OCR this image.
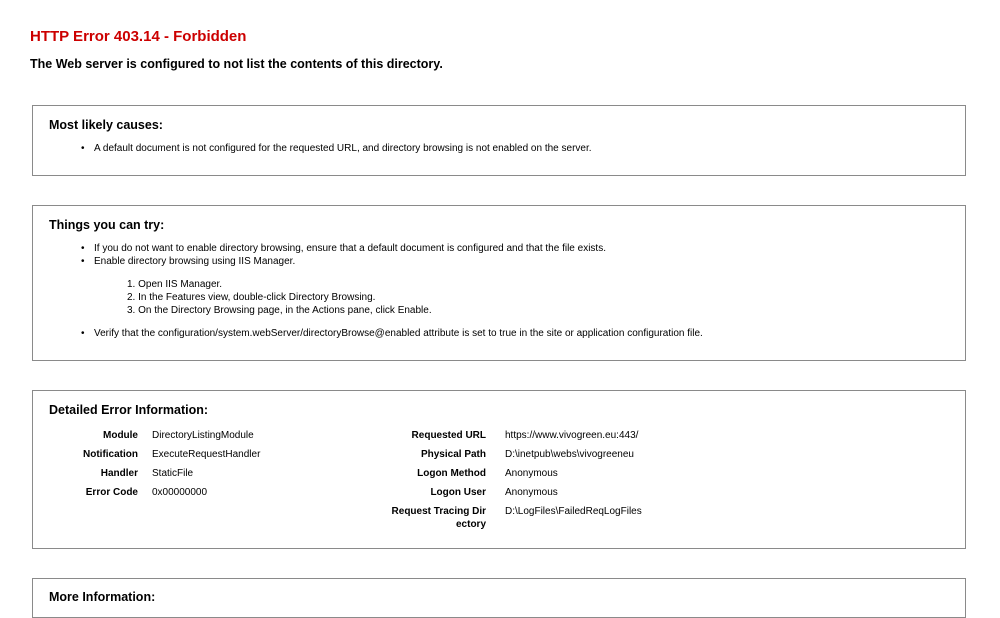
HTTP Error 403.14 - Forbidden
The Web server is configured to not list the contents of this directory.
Most likely causes:
• A default document is not configured for the requested URL, and directory browsing is not enabled on the server.
Things you can try:
• If you do not want to enable directory browsing, ensure that a default document is configured and that the file exists.
• Enable directory browsing using IIS Manager.
1. Open IIS Manager.
2. In the Features view, double-click Directory Browsing.
3. On the Directory Browsing page, in the Actions pane, click Enable.
• Verify that the configuration/system.webServer/directoryBrowse@enabled attribute is set to true in the site or application configuration file.
Detailed Error Information:
Module DirectoryListingModule
Notification ExecuteRequestHandler
Handler StaticFile
Error Code 0x00000000
Requested URL https://www.vivogreen.eu:443/
Physical Path D:\inetpub\webs\vivogreeneu
Logon Method Anonymous
Logon User Anonymous
Request Tracing Dir
ectory
D:\LogFiles\FailedReqLogFiles
More Information:
